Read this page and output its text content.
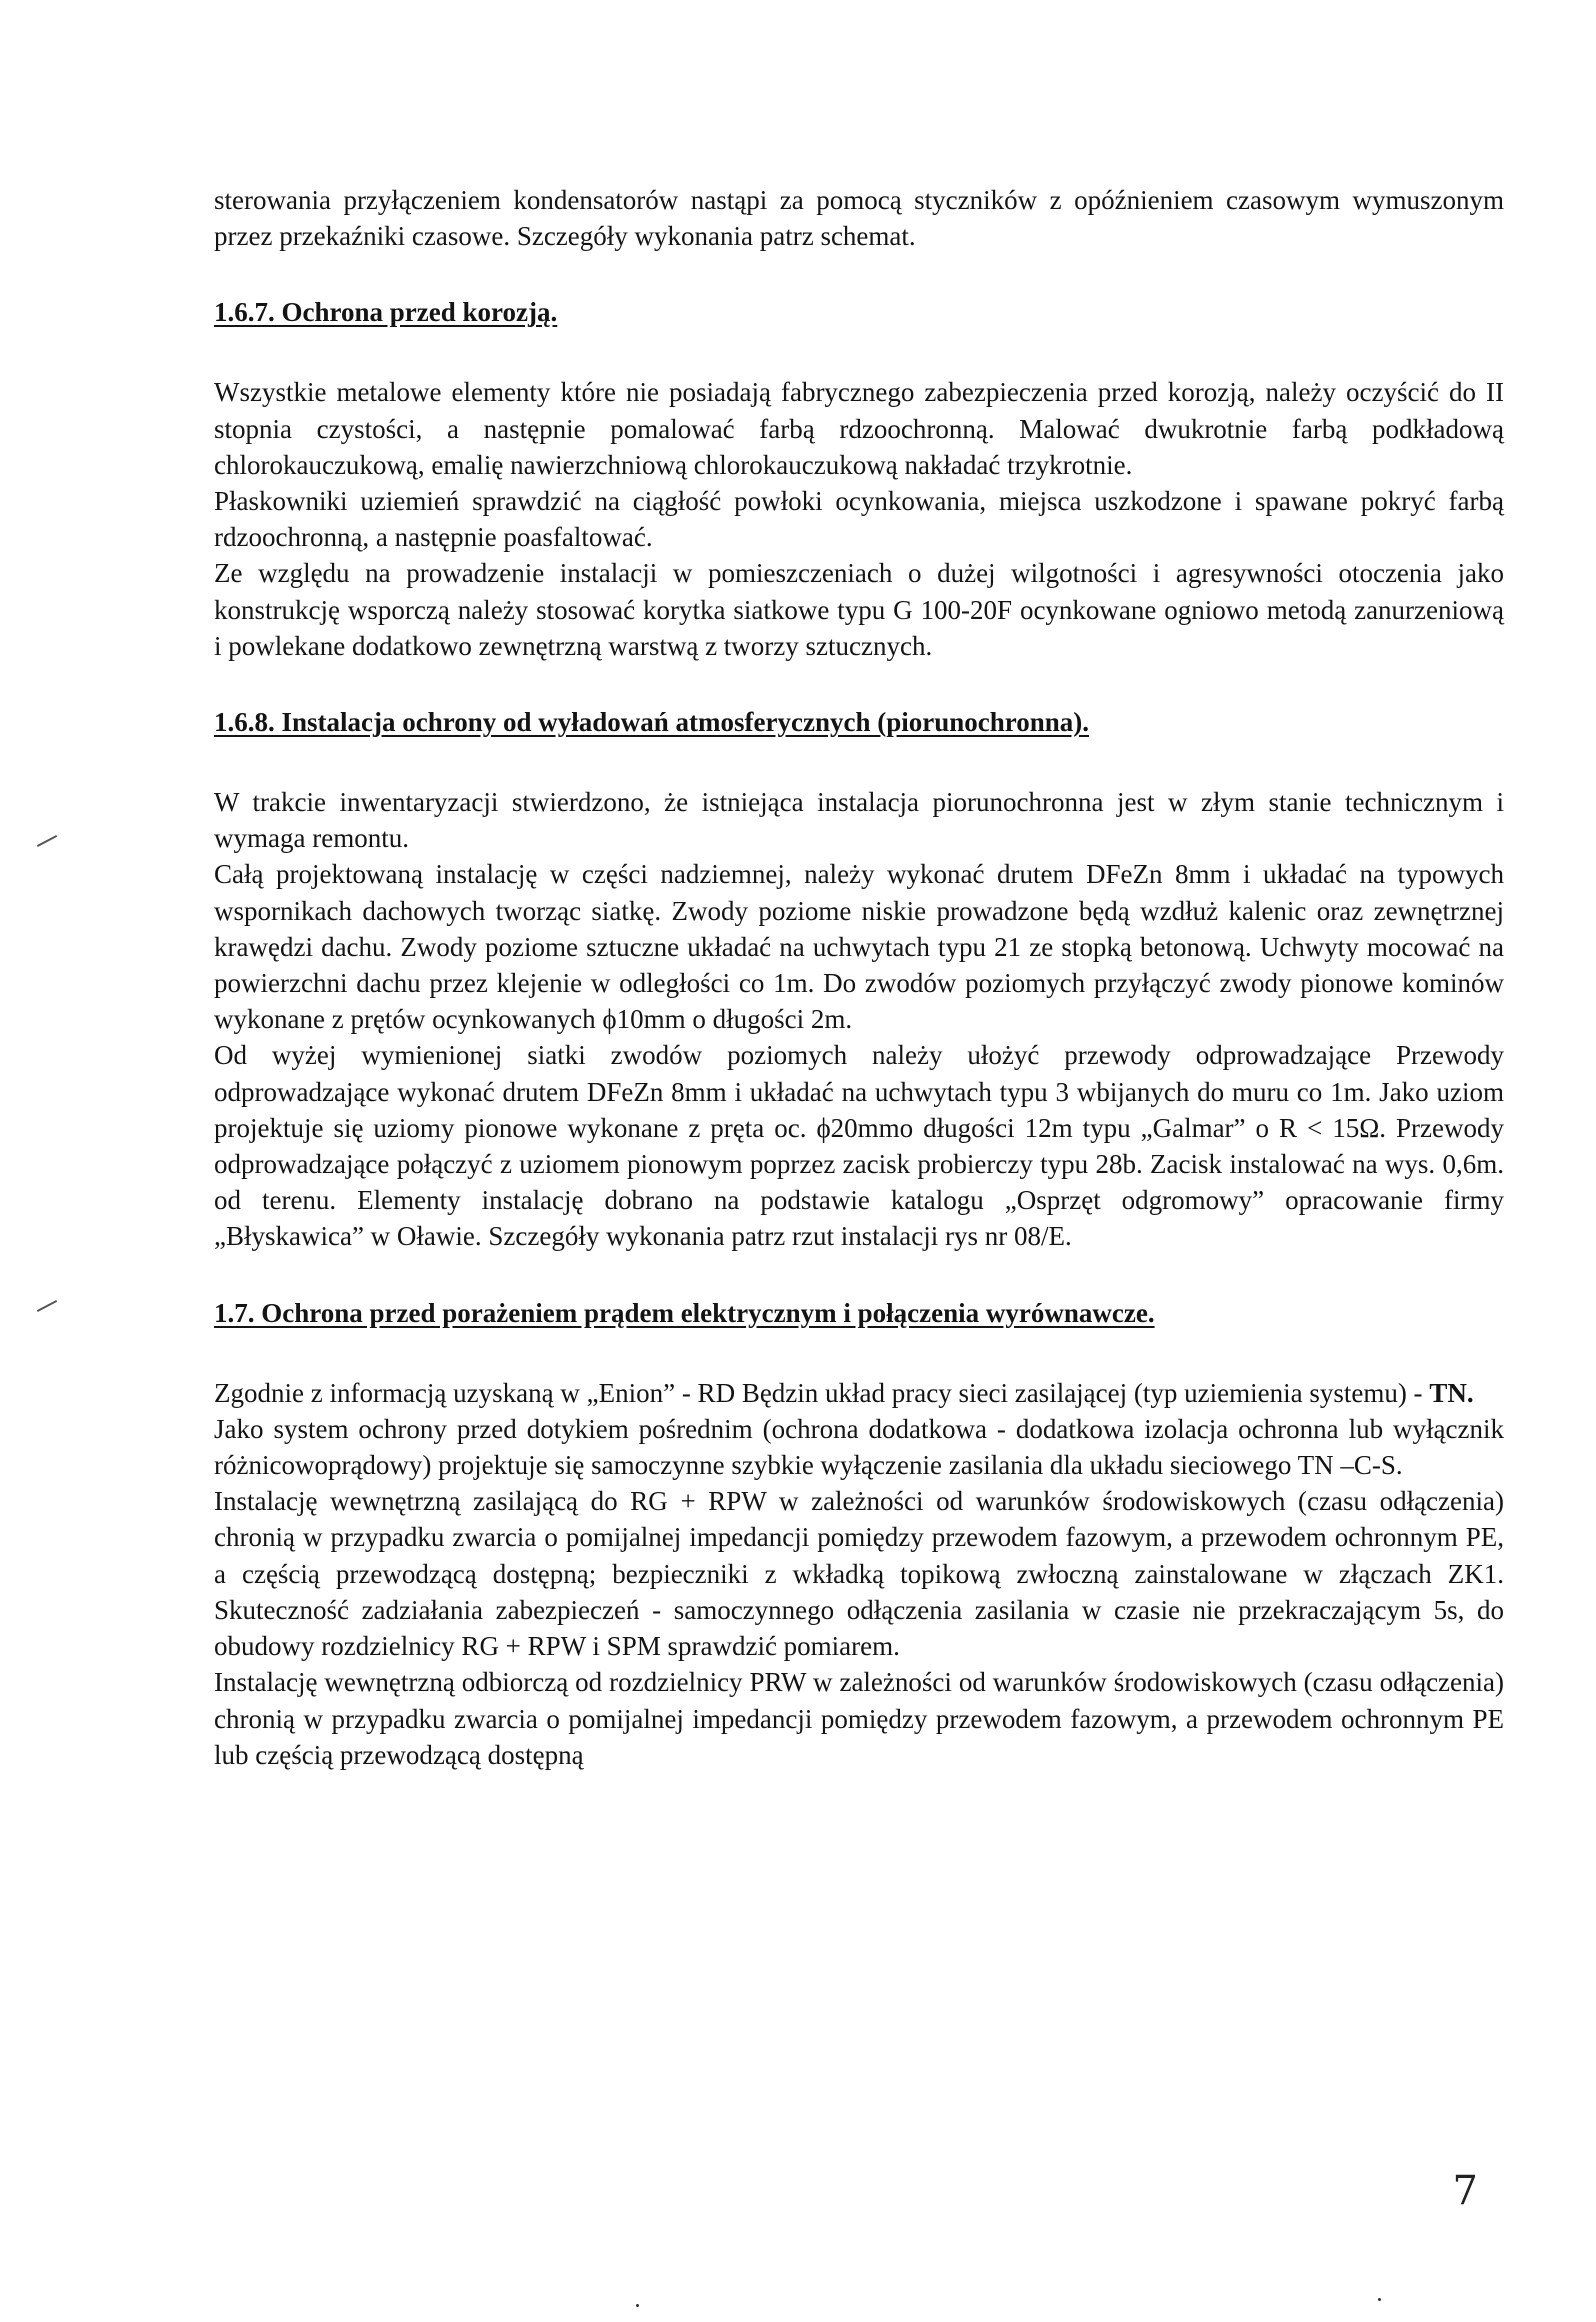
sterowania przyłączeniem kondensatorów nastąpi za pomocą styczników z opóźnieniem czasowym wymuszonym przez przekaźniki czasowe. Szczegóły wykonania patrz schemat.

1.6.7. Ochrona przed korozją.

Wszystkie metalowe elementy które nie posiadają fabrycznego zabezpieczenia przed korozją, należy oczyścić do II stopnia czystości, a następnie pomalować farbą rdzoochronną. Malować dwukrotnie farbą podkładową chlorokauczukową, emalię nawierzchniową chlorokauczukową nakładać trzykrotnie.

Płaskowniki uziemień sprawdzić na ciągłość powłoki ocynkowania, miejsca uszkodzone i spawane pokryć farbą rdzoochronną, a następnie poasfaltować.

Ze względu na prowadzenie instalacji w pomieszczeniach o dużej wilgotności i agresywności otoczenia jako konstrukcję wsporczą należy stosować korytka siatkowe typu G 100-20F ocynkowane ogniowo metodą zanurzeniową i powlekane dodatkowo zewnętrzną warstwą z tworzy sztucznych.

1.6.8. Instalacja ochrony od wyładowań atmosferycznych (piorunochronna).

W trakcie inwentaryzacji stwierdzono, że istniejąca instalacja piorunochronna jest w złym stanie technicznym i wymaga remontu.

Całą projektowaną instalację w części nadziemnej, należy wykonać drutem DFeZn 8mm i układać na typowych wspornikach dachowych tworząc siatkę. Zwody poziome niskie prowadzone będą wzdłuż kalenic oraz zewnętrznej krawędzi dachu. Zwody poziome sztuczne układać na uchwytach typu 21 ze stopką betonową. Uchwyty mocować na powierzchni dachu przez klejenie w odległości co 1m. Do zwodów poziomych przyłączyć zwody pionowe kominów wykonane z prętów ocynkowanych ϕ10mm o długości 2m.

Od wyżej wymienionej siatki zwodów poziomych należy ułożyć przewody odprowadzające Przewody odprowadzające wykonać drutem DFeZn 8mm i układać na uchwytach typu 3 wbijanych do muru co 1m. Jako uziom projektuje się uziomy pionowe wykonane z pręta oc. ϕ20mmo długości 12m typu „Galmar” o R < 15Ω. Przewody odprowadzające połączyć z uziomem pionowym poprzez zacisk probierczy typu 28b. Zacisk instalować na wys. 0,6m. od terenu. Elementy instalację dobrano na podstawie katalogu „Osprzęt odgromowy” opracowanie firmy „Błyskawica” w Oławie. Szczegóły wykonania patrz rzut instalacji rys nr 08/E.

1.7. Ochrona przed porażeniem prądem elektrycznym i połączenia wyrównawcze.

Zgodnie z informacją uzyskaną w „Enion” - RD Będzin układ pracy sieci zasilającej (typ uziemienia systemu) - TN.

Jako system ochrony przed dotykiem pośrednim (ochrona dodatkowa - dodatkowa izolacja ochronna lub wyłącznik różnicowoprądowy) projektuje się samoczynne szybkie wyłączenie zasilania dla układu sieciowego TN –C-S.

Instalację wewnętrzną zasilającą do RG + RPW w zależności od warunków środowiskowych (czasu odłączenia) chronią w przypadku zwarcia o pomijalnej impedancji pomiędzy przewodem fazowym, a przewodem ochronnym PE, a częścią przewodzącą dostępną; bezpieczniki z wkładką topikową zwłoczną zainstalowane w złączach ZK1. Skuteczność zadziałania zabezpieczeń - samoczynnego odłączenia zasilania w czasie nie przekraczającym 5s, do obudowy rozdzielnicy RG + RPW i SPM sprawdzić pomiarem.

Instalację wewnętrzną odbiorczą od rozdzielnicy PRW w zależności od warunków środowiskowych (czasu odłączenia) chronią w przypadku zwarcia o pomijalnej impedancji pomiędzy przewodem fazowym, a przewodem ochronnym PE lub częścią przewodzącą dostępną

7
